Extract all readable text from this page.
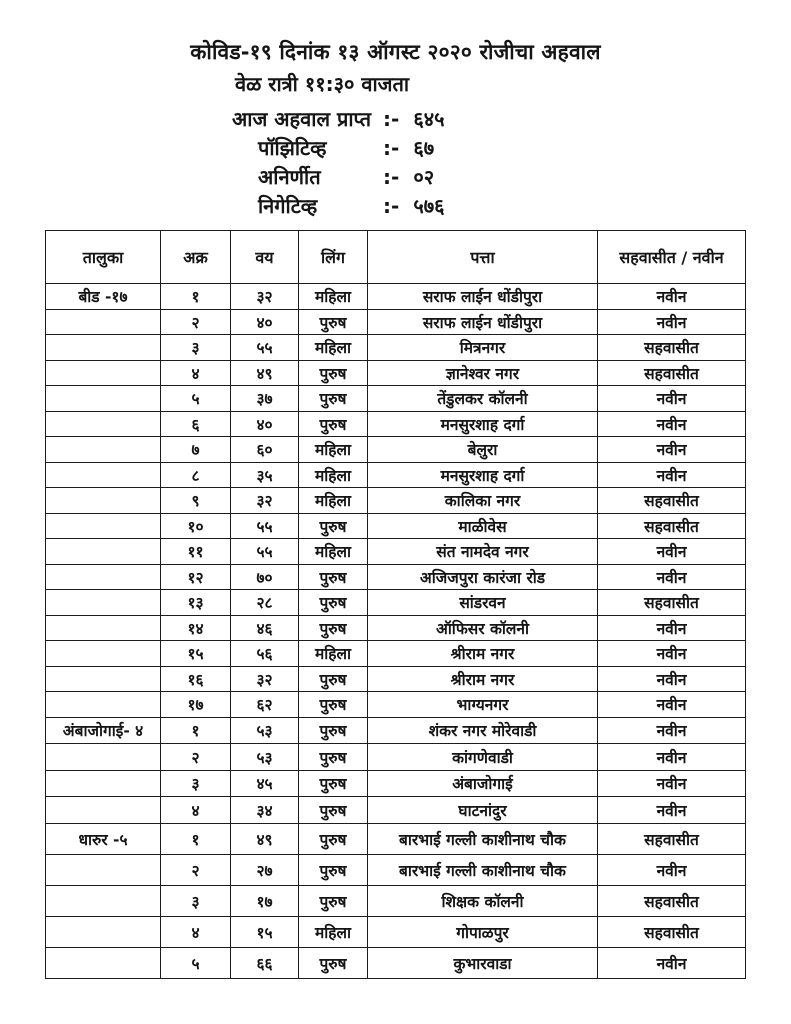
कोविड-१९ दिनांक १३ ऑगस्ट २०२० रोजीचा अहवाल
वेळ रात्री ११:३० वाजता
आज अहवाल प्राप्त :- ६४५
पॉझिटिव्ह	:- ६७
अनिर्णीत	:- ०२
निगेटिव्ह	:- ५७६
तालुका	अक्र	वय	लिंग	पत्ता	सहवासीत / नवीन
बीड -१७	१	३२	महिला	सराफ लाईन धोंडीपुरा	नवीन
	२	४०	पुरुष	सराफ लाईन धोंडीपुरा	नवीन
	३	५५	महिला	मित्रनगर	सहवासीत
	४	४९	पुरुष	ज्ञानेश्वर नगर	सहवासीत
	५	३७	पुरुष	तेंडुलकर कॉलनी	नवीन
	६	४०	पुरुष	मनसुरशाह दर्गा	नवीन
	७	६०	महिला	बेलुरा	नवीन
	८	३५	महिला	मनसुरशाह दर्गा	नवीन
	९	३२	महिला	कालिका नगर	सहवासीत
	१०	५५	पुरुष	माळीवेस	सहवासीत
	११	५५	महिला	संत नामदेव नगर	नवीन
	१२	७०	पुरुष	अजिजपुरा कारंजा रोड	नवीन
	१३	२८	पुरुष	सांडरवन	सहवासीत
	१४	४६	पुरुष	ऑफिसर कॉलनी	नवीन
	१५	५६	महिला	श्रीराम नगर	नवीन
	१६	३२	पुरुष	श्रीराम नगर	नवीन
	१७	६२	पुरुष	भाग्यनगर	नवीन
अंबाजोगाई- ४	१	५३	पुरुष	शंकर नगर मोरेवाडी	नवीन
	२	५३	पुरुष	कांगणेवाडी	नवीन
	३	४५	पुरुष	अंबाजोगाई	नवीन
	४	३४	पुरुष	घाटनांदुर	नवीन
धारुर -५	१	४९	पुरुष	बारभाई गल्ली काशीनाथ चौक	सहवासीत
	२	२७	पुरुष	बारभाई गल्ली काशीनाथ चौक	नवीन
	३	१७	पुरुष	शिक्षक कॉलनी	सहवासीत
	४	१५	महिला	गोपाळपुर	सहवासीत
	५	६६	पुरुष	कुभारवाडा	नवीन
